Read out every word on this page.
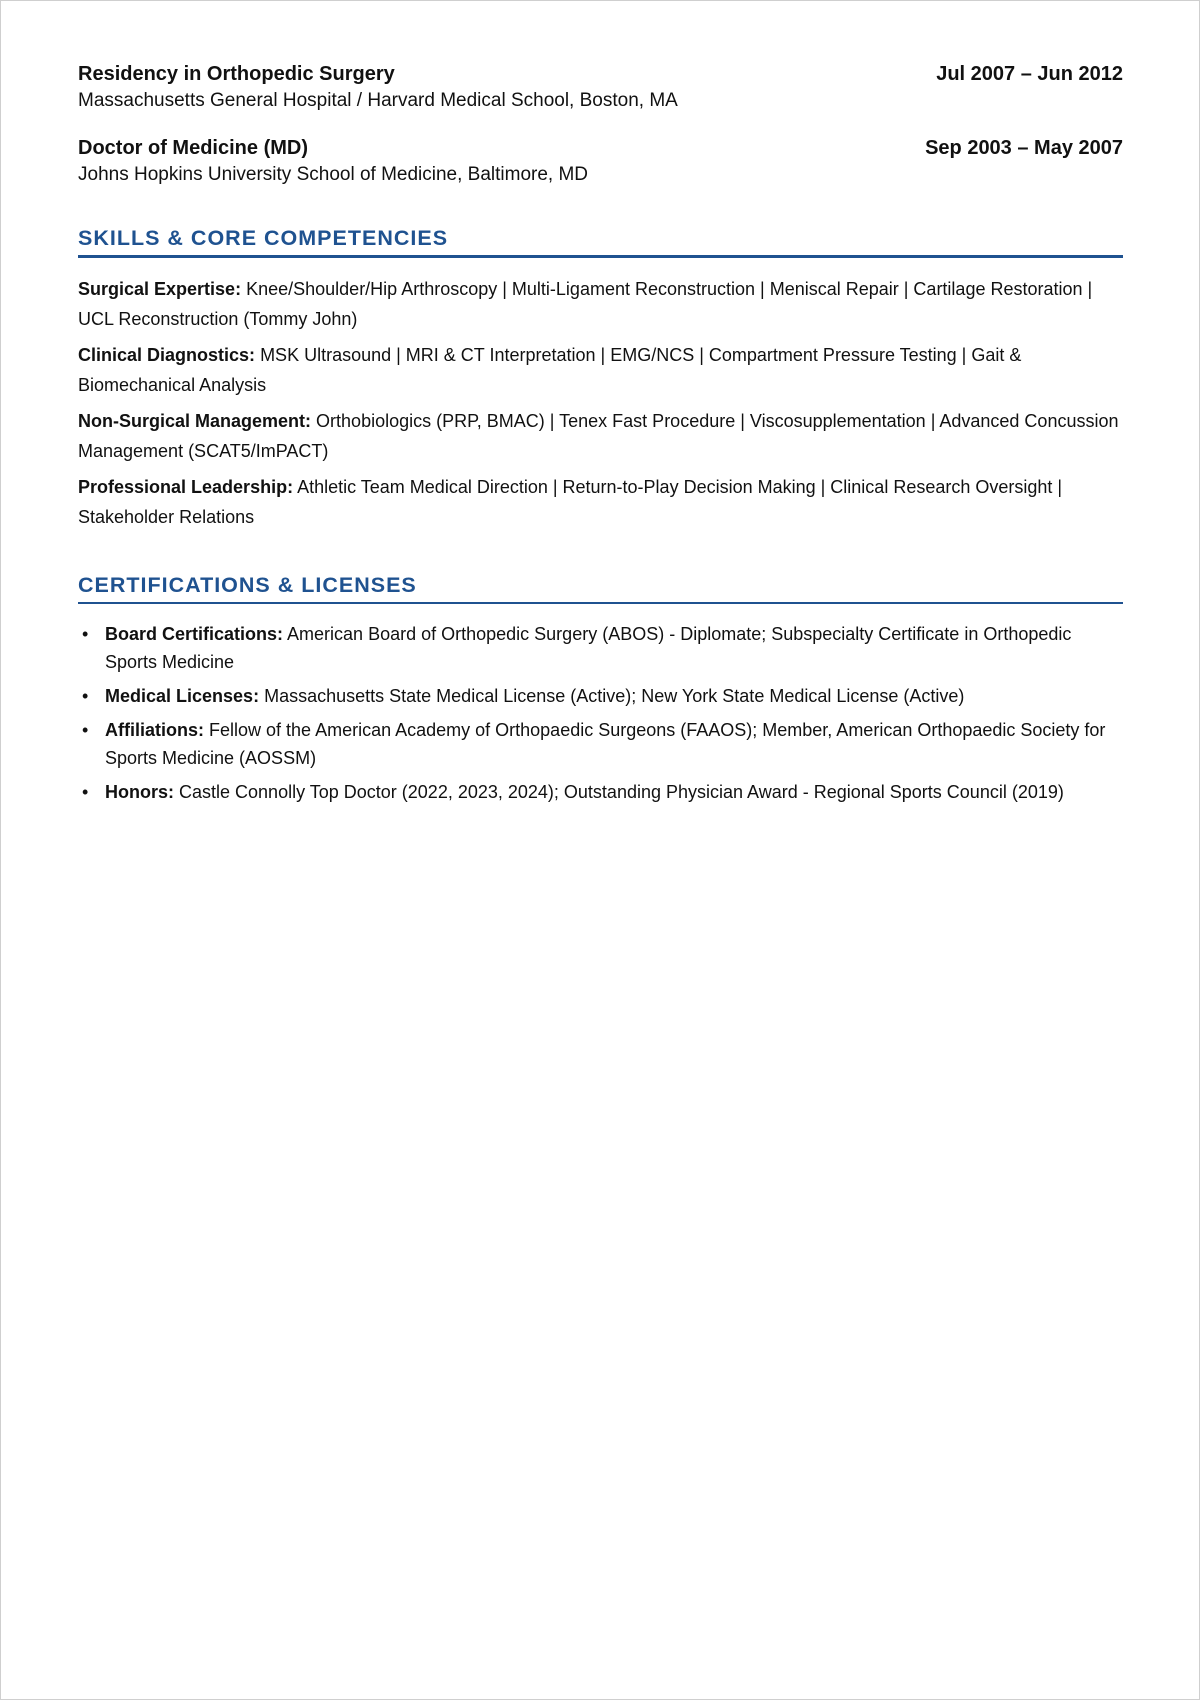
Residency in Orthopedic Surgery	Jul 2007 – Jun 2012
Massachusetts General Hospital / Harvard Medical School, Boston, MA
Doctor of Medicine (MD)	Sep 2003 – May 2007
Johns Hopkins University School of Medicine, Baltimore, MD
SKILLS & CORE COMPETENCIES

Surgical Expertise: Knee/Shoulder/Hip Arthroscopy | Multi-Ligament Reconstruction | Meniscal Repair | Cartilage Restoration | UCL Reconstruction (Tommy John)

Clinical Diagnostics: MSK Ultrasound | MRI & CT Interpretation | EMG/NCS | Compartment Pressure Testing | Gait & Biomechanical Analysis

Non-Surgical Management: Orthobiologics (PRP, BMAC) | Tenex Fast Procedure | Viscosupplementation | Advanced Concussion Management (SCAT5/ImPACT)

Professional Leadership: Athletic Team Medical Direction | Return-to-Play Decision Making | Clinical Research Oversight | Stakeholder Relations

CERTIFICATIONS & LICENSES
• Board Certifications: American Board of Orthopedic Surgery (ABOS) - Diplomate; Subspecialty Certificate in Orthopedic Sports Medicine
• Medical Licenses: Massachusetts State Medical License (Active); New York State Medical License (Active)
• Affiliations: Fellow of the American Academy of Orthopaedic Surgeons (FAAOS); Member, American Orthopaedic Society for Sports Medicine (AOSSM)
• Honors: Castle Connolly Top Doctor (2022, 2023, 2024); Outstanding Physician Award - Regional Sports Council (2019)
